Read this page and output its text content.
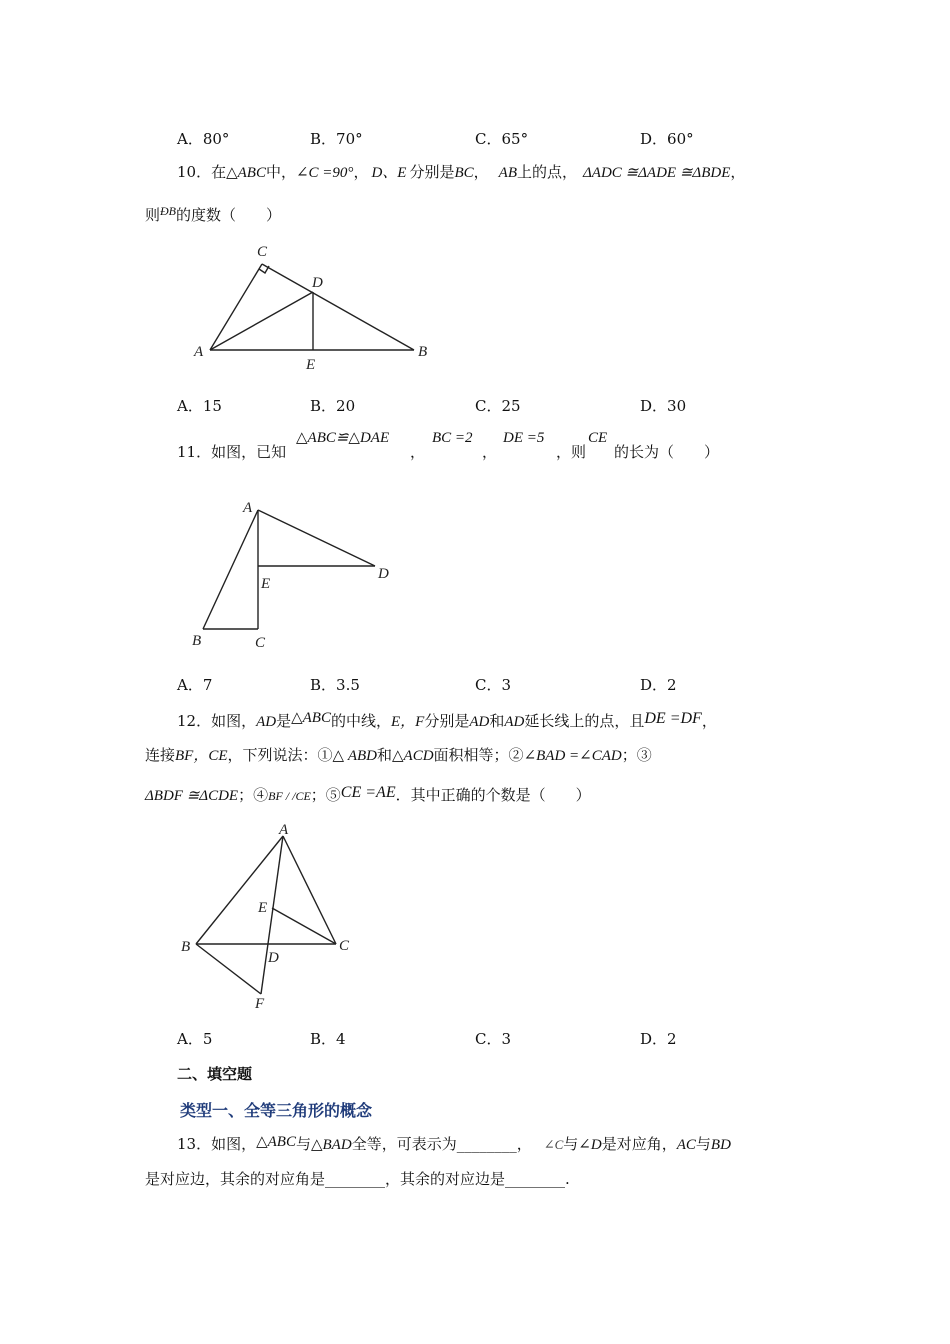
A．80°	B．70°	C．65°	D．60°
10．在△ABC中，∠C =90°， D、E 分别是BC， AB上的点， ΔADC ≅ΔADE ≅ΔBDE，
则$^{ÐB}$的度数（　　）
C
D
A
E
B
A．15	B．20	C．25	D．30
11．如图，已知
△ABC≌△DAE
，
BC =2
，
DE =5
，则
CE
的长为（　　）
A
E
D
B	C
A．7	B．3.5	C．3	D．2
12．如图，AD是△ABC的中线，E，F分别是AD和AD延长线上的点，且DE =DF，
连接BF，CE，下列说法：①△ ABD和△ACD面积相等；②∠BAD =∠CAD；③
ΔBDF ≅ΔCDE；④BF / /CE；⑤CE =AE．其中正确的个数是（　　）
A
E
B
D
C
F
A．5	B．4	C．3	D．2
二、填空题
类型一、全等三角形的概念
13．如图，△ABC与△BAD全等，可表示为________， ∠C与∠D是对应角，AC与BD
是对应边，其余的对应角是________，其余的对应边是________.
